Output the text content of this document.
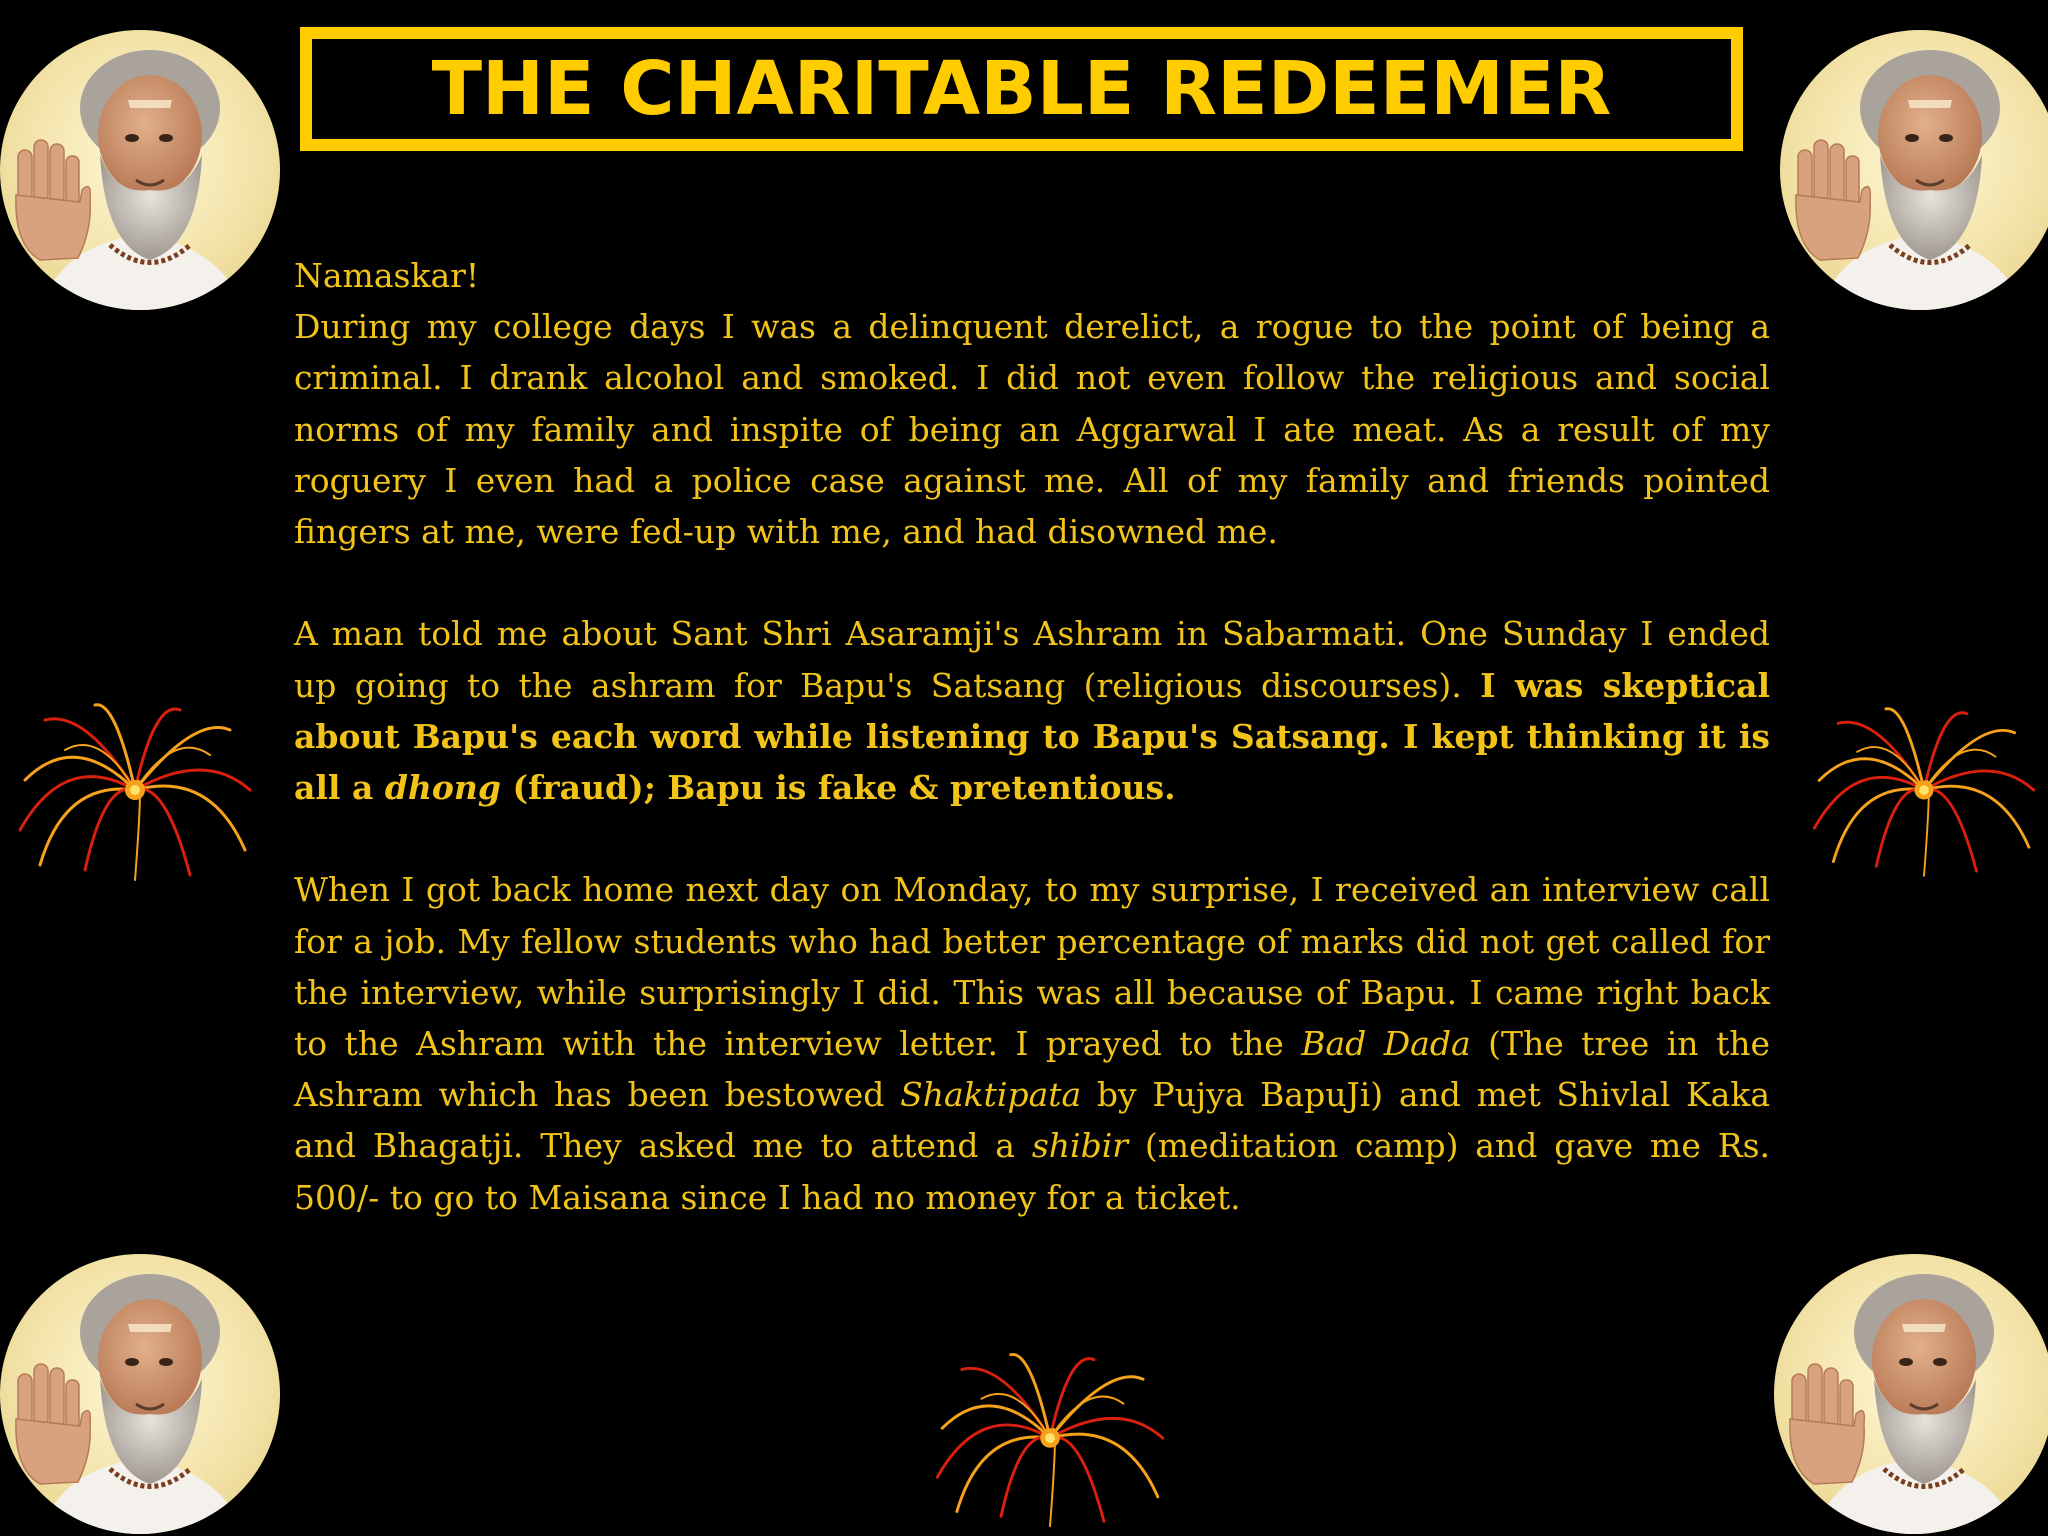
THE CHARITABLE REDEEMER

Namaskar!

During my college days I was a delinquent derelict, a rogue to the point of being a criminal. I drank alcohol and smoked. I did not even follow the religious and social norms of my family and inspite of being an Aggarwal I ate meat. As a result of my roguery I even had a police case against me. All of my family and friends pointed fingers at me, were fed-up with me, and had disowned me.

A man told me about Sant Shri Asaramji's Ashram in Sabarmati. One Sunday I ended up going to the ashram for Bapu's Satsang (religious discourses). I was skeptical about Bapu's each word while listening to Bapu's Satsang. I kept thinking it is all a dhong (fraud); Bapu is fake & pretentious.

When I got back home next day on Monday, to my surprise, I received an interview call for a job. My fellow students who had better percentage of marks did not get called for the interview, while surprisingly I did. This was all because of Bapu. I came right back to the Ashram with the interview letter. I prayed to the Bad Dada (The tree in the Ashram which has been bestowed Shaktipata by Pujya BapuJi) and met Shivlal Kaka and Bhagatji. They asked me to attend a shibir (meditation camp) and gave me Rs. 500/- to go to Maisana since I had no money for a ticket.
